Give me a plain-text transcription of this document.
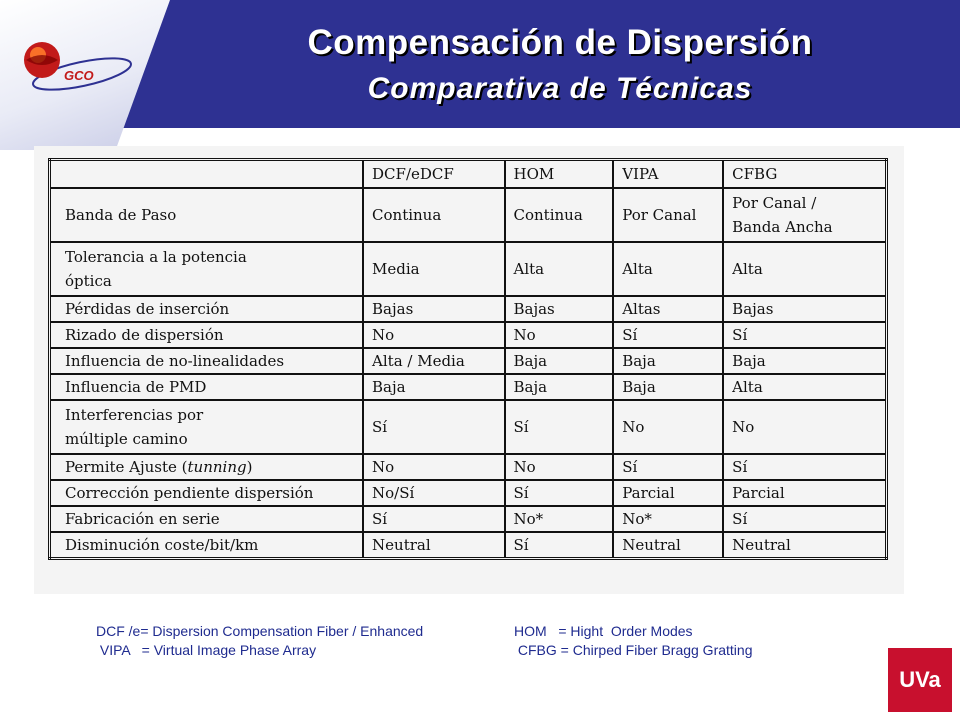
GCO
Compensación de Dispersión
Comparativa de Técnicas
	DCF/eDCF	HOM	VIPA	CFBG
Banda de Paso	Continua	Continua	Por Canal	Por Canal /
Banda Ancha
Tolerancia a la potencia
óptica	Media	Alta	Alta	Alta
Pérdidas de inserción	Bajas	Bajas	Altas	Bajas
Rizado de dispersión	No	No	Sí	Sí
Influencia de no-linealidades	Alta / Media	Baja	Baja	Baja
Influencia de PMD	Baja	Baja	Baja	Alta
Interferencias por
múltiple camino	Sí	Sí	No	No
Permite Ajuste (tunning)	No	No	Sí	Sí
Corrección pendiente dispersión	No/Sí	Sí	Parcial	Parcial
Fabricación en serie	Sí	No*	No*	Sí
Disminución coste/bit/km	Neutral	Sí	Neutral	Neutral
DCF /e= Dispersion Compensation Fiber / Enhanced	HOM   = Hight  Order Modes
VIPA   = Virtual Image Phase Array	CFBG = Chirped Fiber Bragg Gratting
UVa
